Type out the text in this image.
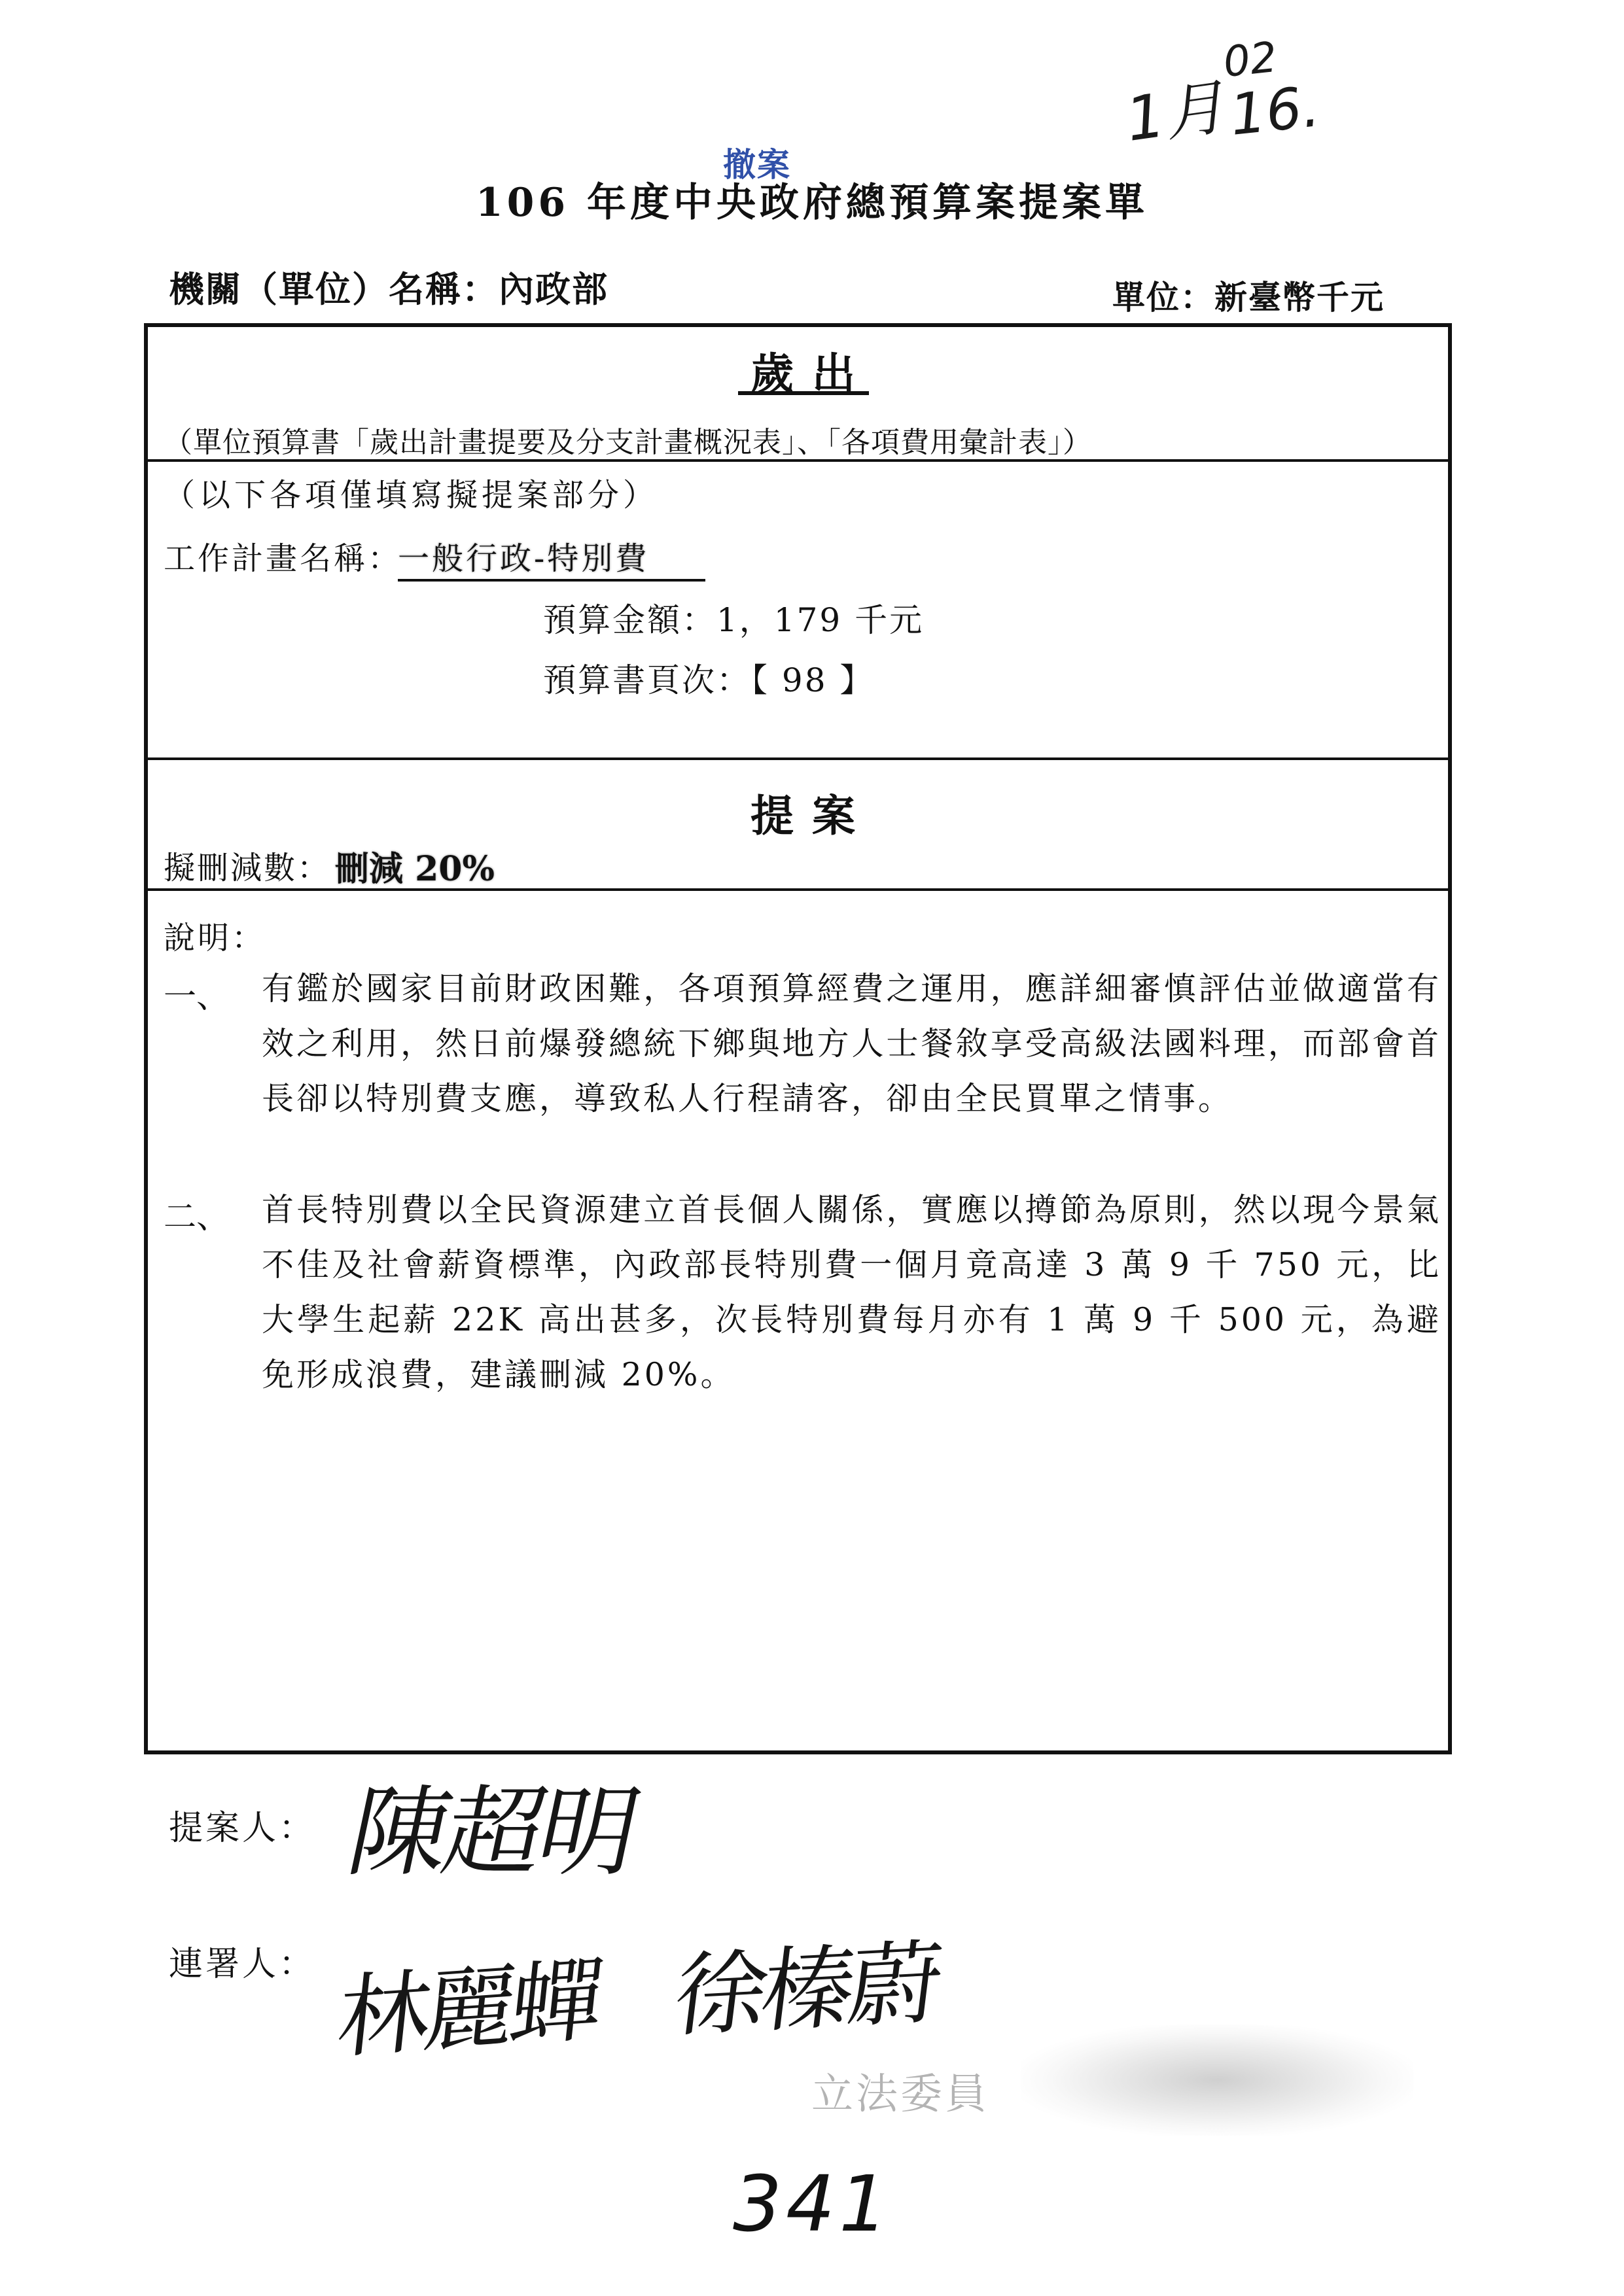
1月
02
16.
撤案
106 年度中央政府總預算案提案單
機關（單位）名稱：內政部	單位：新臺幣千元
歲出
（單位預算書「歲出計畫提要及分支計畫概況表」、「各項費用彙計表」）
（以下各項僅填寫擬提案部分）
工作計畫名稱：
一般行政-特別費
預算金額：1，179 千元
預算書頁次：【 98 】
提案
擬刪減數： 刪減 20%
說明：
一、 有鑑於國家目前財政困難，各項預算經費之運用，應詳細審慎評估並做適當有效之利用，然日前爆發總統下鄉與地方人士餐敘享受高級法國料理，而部會首長卻以特別費支應，導致私人行程請客，卻由全民買單之情事。
二、 首長特別費以全民資源建立首長個人關係，實應以撙節為原則，然以現今景氣不佳及社會薪資標準，內政部長特別費一個月竟高達 3 萬 9 千 750 元，比大學生起薪 22K 高出甚多，次長特別費每月亦有 1 萬 9 千 500 元，為避免形成浪費，建議刪減 20%。
提案人： 陳超明
連署人： 林麗蟬 徐榛蔚
立法委員
341
